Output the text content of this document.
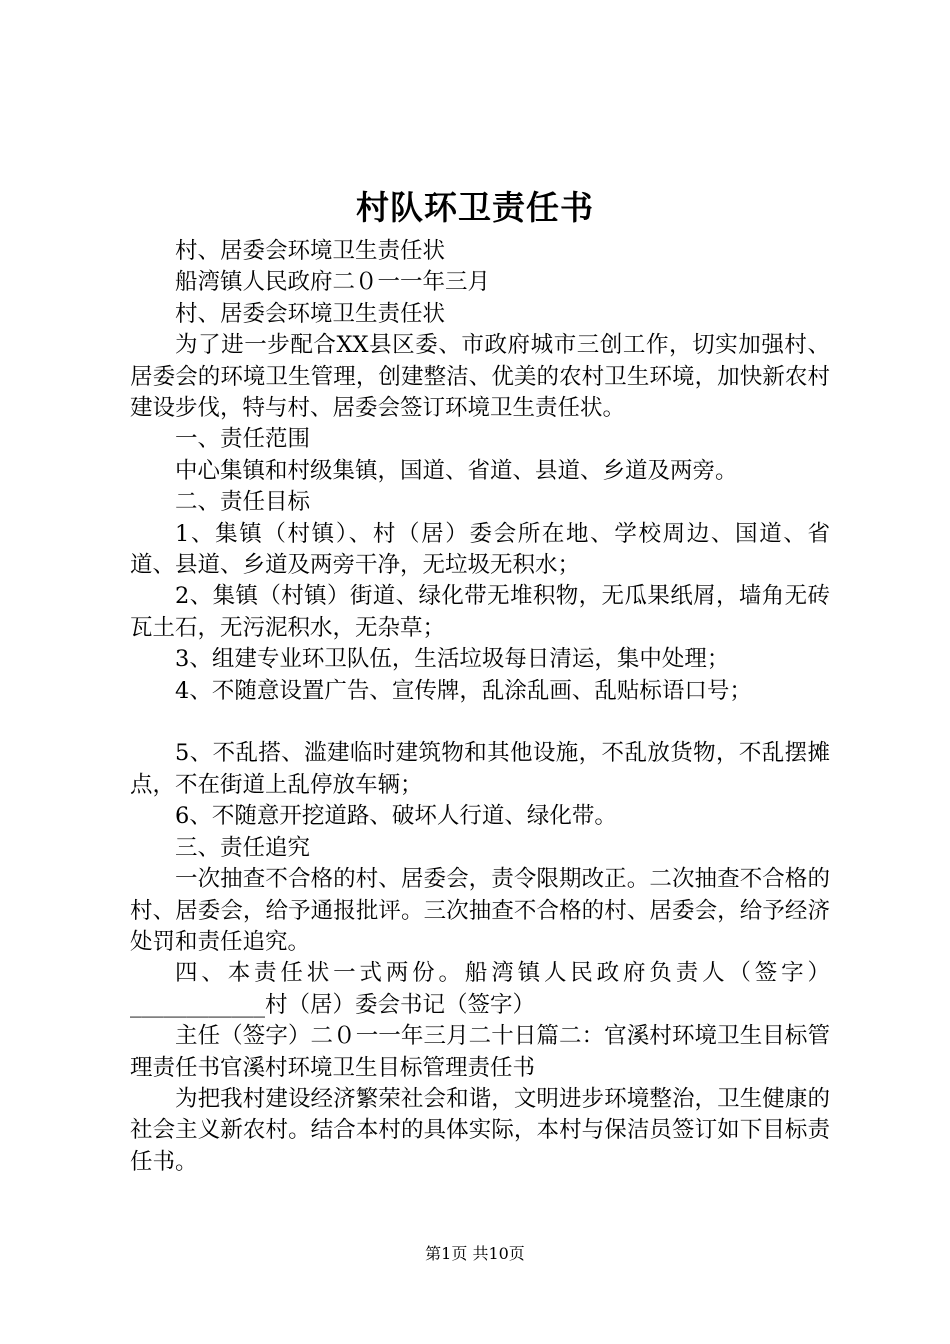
村队环卫责任书

村、居委会环境卫生责任状

船湾镇人民政府二０一一年三月

村、居委会环境卫生责任状

为了进一步配合XX县区委、市政府城市三创工作，切实加强村、居委会的环境卫生管理，创建整洁、优美的农村卫生环境，加快新农村建设步伐，特与村、居委会签订环境卫生责任状。

一、责任范围

中心集镇和村级集镇，国道、省道、县道、乡道及两旁。

二、责任目标

1、集镇（村镇）、村（居）委会所在地、学校周边、国道、省道、县道、乡道及两旁干净，无垃圾无积水；

2、集镇（村镇）街道、绿化带无堆积物，无瓜果纸屑，墙角无砖瓦土石，无污泥积水，无杂草；

3、组建专业环卫队伍，生活垃圾每日清运，集中处理；

4、不随意设置广告、宣传牌，乱涂乱画、乱贴标语口号；

5、不乱搭、滥建临时建筑物和其他设施，不乱放货物，不乱摆摊点，不在街道上乱停放车辆；

6、不随意开挖道路、破坏人行道、绿化带。

三、责任追究

一次抽查不合格的村、居委会，责令限期改正。二次抽查不合格的村、居委会，给予通报批评。三次抽查不合格的村、居委会，给予经济处罚和责任追究。

四、本责任状一式两份。船湾镇人民政府负责人（签字）____________村（居）委会书记（签字）

主任（签字）二０一一年三月二十日篇二：官溪村环境卫生目标管理责任书官溪村环境卫生目标管理责任书

为把我村建设经济繁荣社会和谐，文明进步环境整治，卫生健康的社会主义新农村。结合本村的具体实际，本村与保洁员签订如下目标责任书。

第1页 共10页
